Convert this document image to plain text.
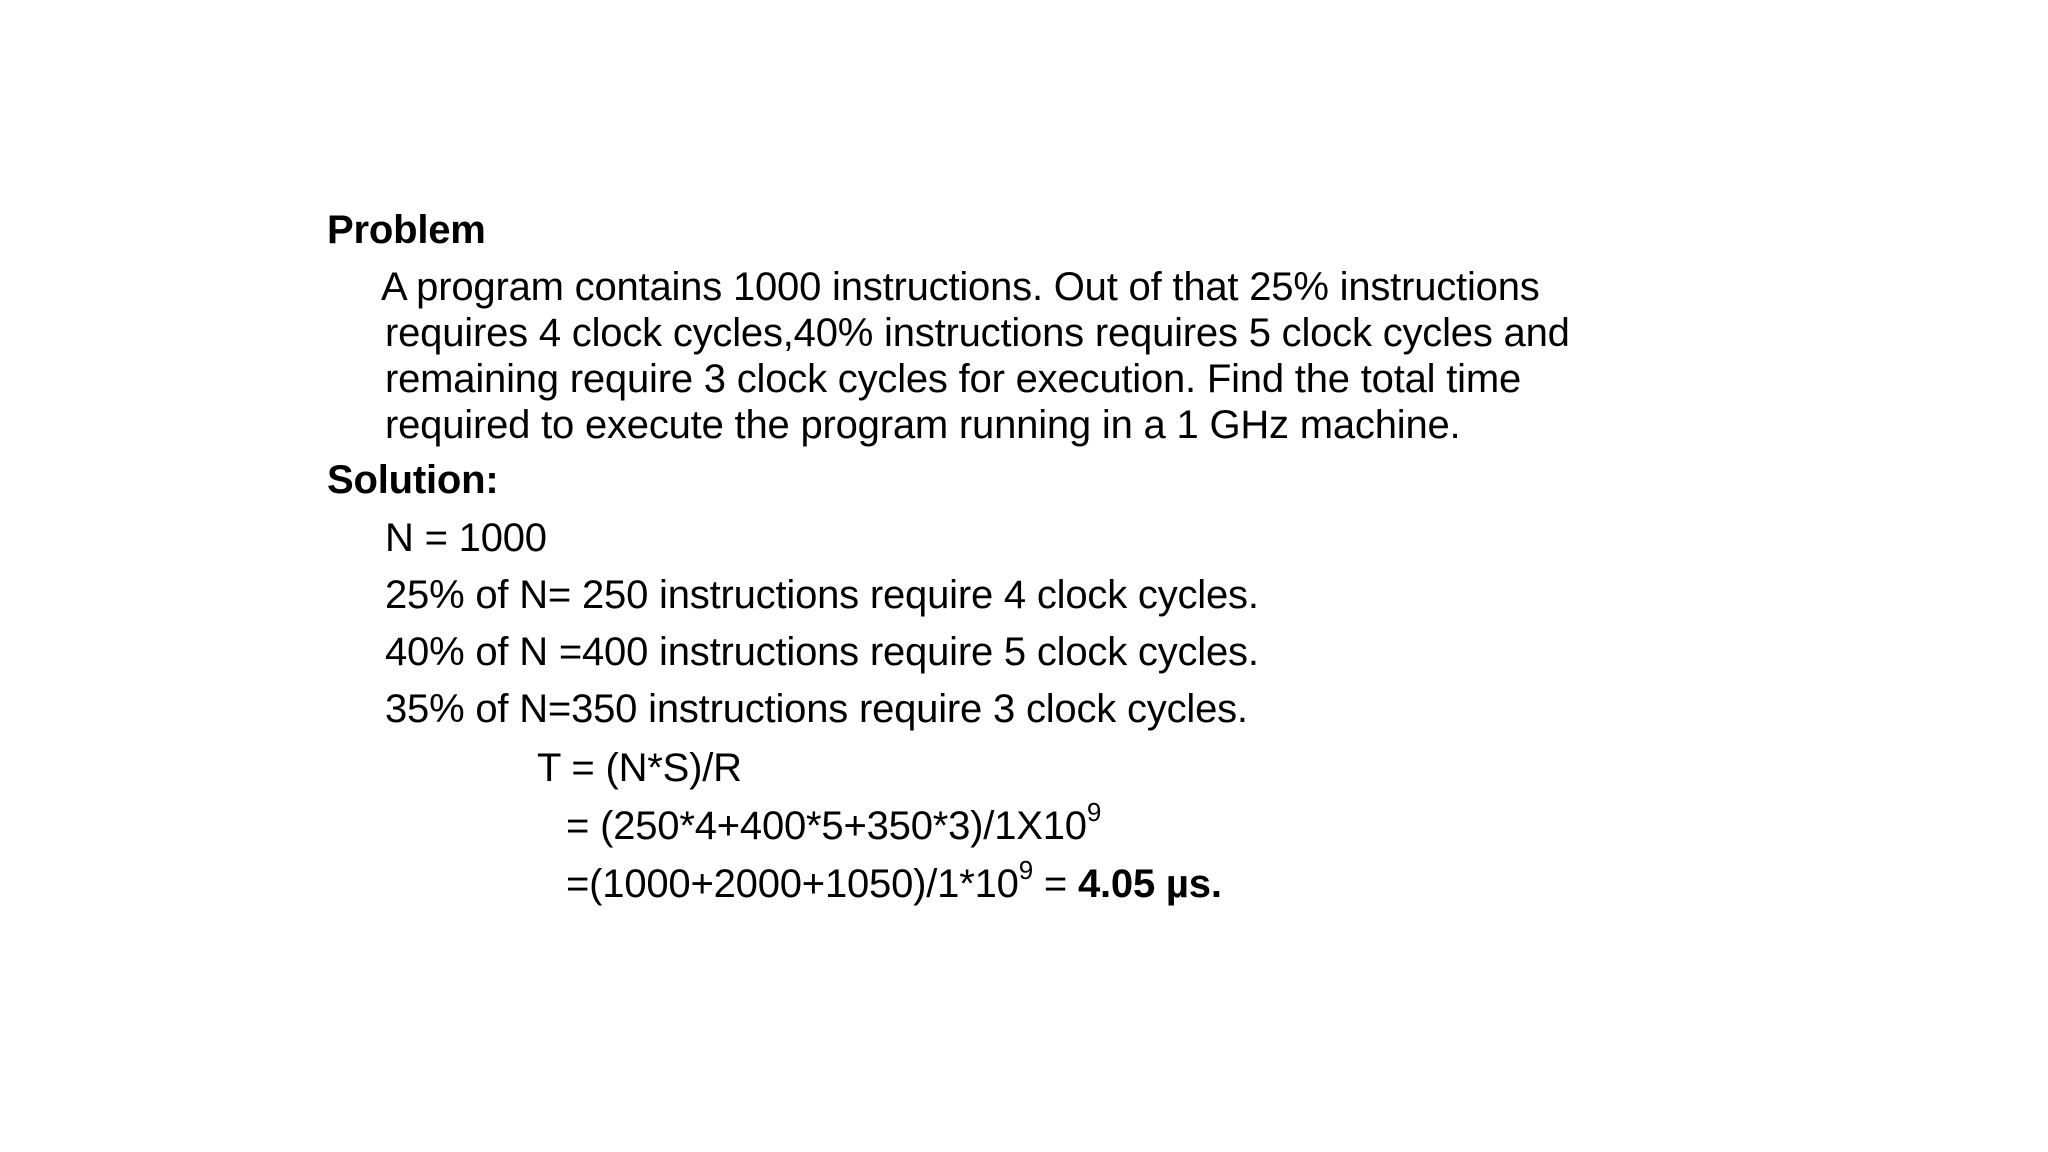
Problem
A program contains 1000 instructions. Out of that 25% instructions
requires 4 clock cycles,40% instructions requires 5 clock cycles and
remaining require 3 clock cycles for execution. Find the total time
required to execute the program running in a 1 GHz machine.
Solution:
N = 1000
25% of N= 250 instructions require 4 clock cycles.
40% of N =400 instructions require 5 clock cycles.
35% of N=350 instructions require 3 clock cycles.
T = (N*S)/R
= $(250*4+400*5+350*3)/1X10^9$
$=(1000+2000+1050)/1*10^9 = 4.05$ µs.
